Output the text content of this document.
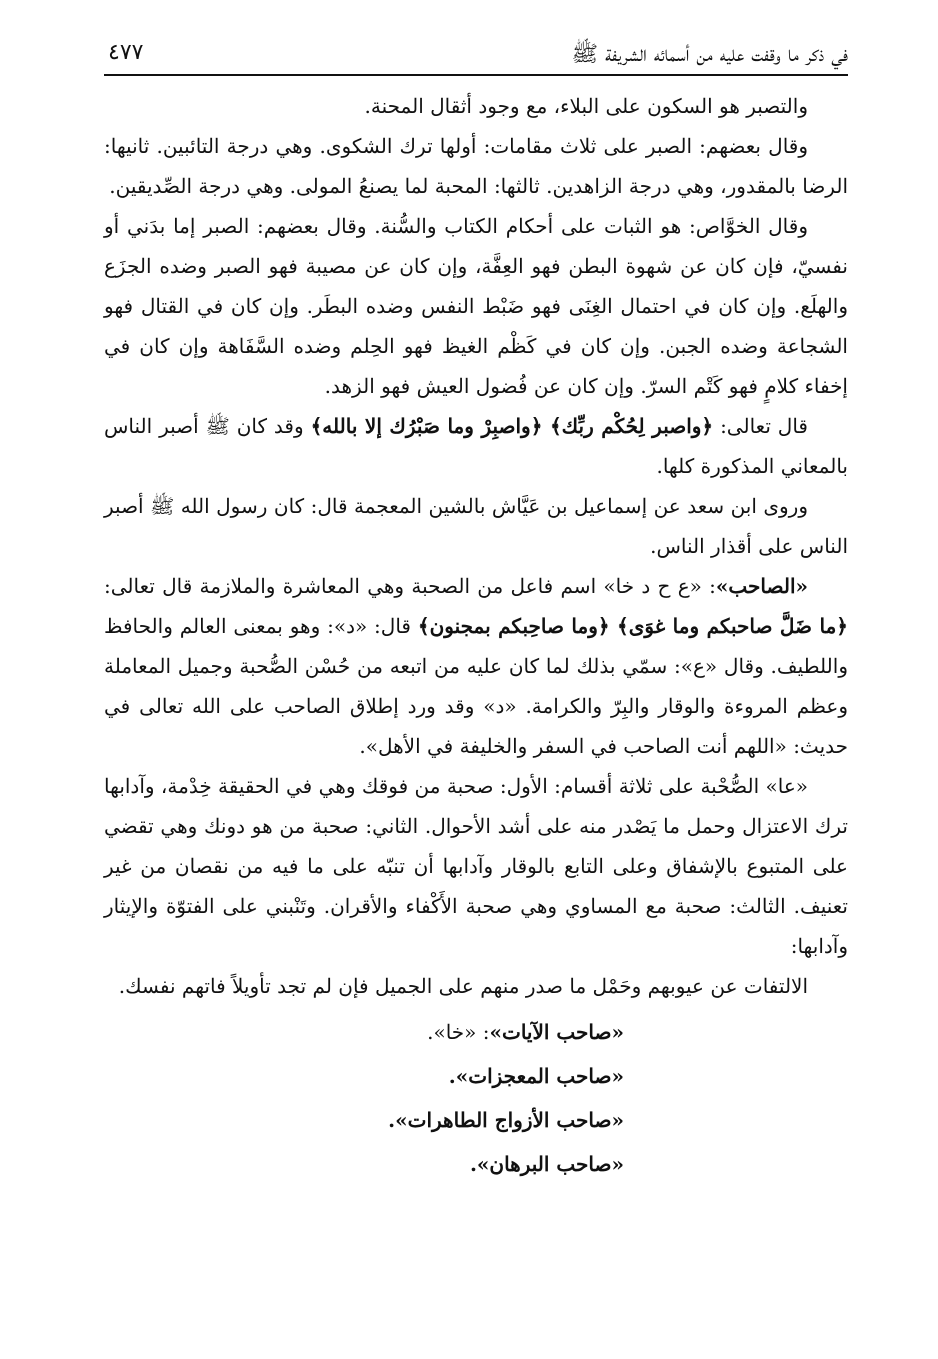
في ذكر ما وقفت عليه من أسمائه الشريفة ﷺ
٤٧٧

والتصبر هو السكون على البلاء، مع وجود أثقال المحنة.

وقال بعضهم: الصبر على ثلاث مقامات: أولها ترك الشكوى. وهي درجة التائبين. ثانيها: الرضا بالمقدور، وهي درجة الزاهدين. ثالثها: المحبة لما يصنعُ المولى. وهي درجة الصِّديقين.

وقال الخوَّاص: هو الثبات على أحكام الكتاب والسُّنة. وقال بعضهم: الصبر إما بدَني أو نفسيّ، فإن كان عن شهوة البطن فهو العِفَّة، وإن كان عن مصيبة فهو الصبر وضده الجزَع والهلَع. وإن كان في احتمال الغِنَى فهو ضَبْط النفس وضده البطَر. وإن كان في القتال فهو الشجاعة وضده الجبن. وإن كان في كَظْم الغيظ فهو الحِلم وضده السَّفَاهة وإن كان في إخفاء كلامٍ فهو كَتْم السرّ. وإن كان عن فُضول العيش فهو الزهد.

قال تعالى: ﴿واصبر لِحُكْم ربِّك﴾ ﴿واصبِرْ وما صَبْرُك إلا بالله﴾ وقد كان ﷺ أصبر الناس بالمعاني المذكورة كلها.

وروى ابن سعد عن إسماعيل بن عَيَّاش بالشين المعجمة قال: كان رسول الله ﷺ أصبر الناس على أقذار الناس.

«الصاحب»: «ع ح د خا» اسم فاعل من الصحبة وهي المعاشرة والملازمة قال تعالى: ﴿ما ضَلَّ صاحبكم وما غوَى﴾ ﴿وما صاحِبكم بمجنون﴾ قال: «د»: وهو بمعنى العالم والحافظ واللطيف. وقال «ع»: سمّي بذلك لما كان عليه من اتبعه من حُسْن الصُّحبة وجميل المعاملة وعظم المروءة والوقار والبِرّ والكرامة. «د» وقد ورد إطلاق الصاحب على الله تعالى في حديث: «اللهم أنت الصاحب في السفر والخليفة في الأهل».

«عا» الصُّحْبة على ثلاثة أقسام: الأول: صحبة من فوقك وهي في الحقيقة خِدْمة، وآدابها ترك الاعتزال وحمل ما يَصْدر منه على أشد الأحوال. الثاني: صحبة من هو دونك وهي تقضي على المتبوع بالإشفاق وعلى التابع بالوقار وآدابها أن تنبّه على ما فيه من نقصان من غير تعنيف. الثالث: صحبة مع المساوي وهي صحبة الأَكْفاء والأقران. وتَنْبني على الفتوّة والإيثار وآدابها:

الالتفات عن عيوبهم وحَمْل ما صدر منهم على الجميل فإن لم تجد تأويلاً فاتهم نفسك.

«صاحب الآيات»: «خا».
«صاحب المعجزات».
«صاحب الأزواج الطاهرات».
«صاحب البرهان».
